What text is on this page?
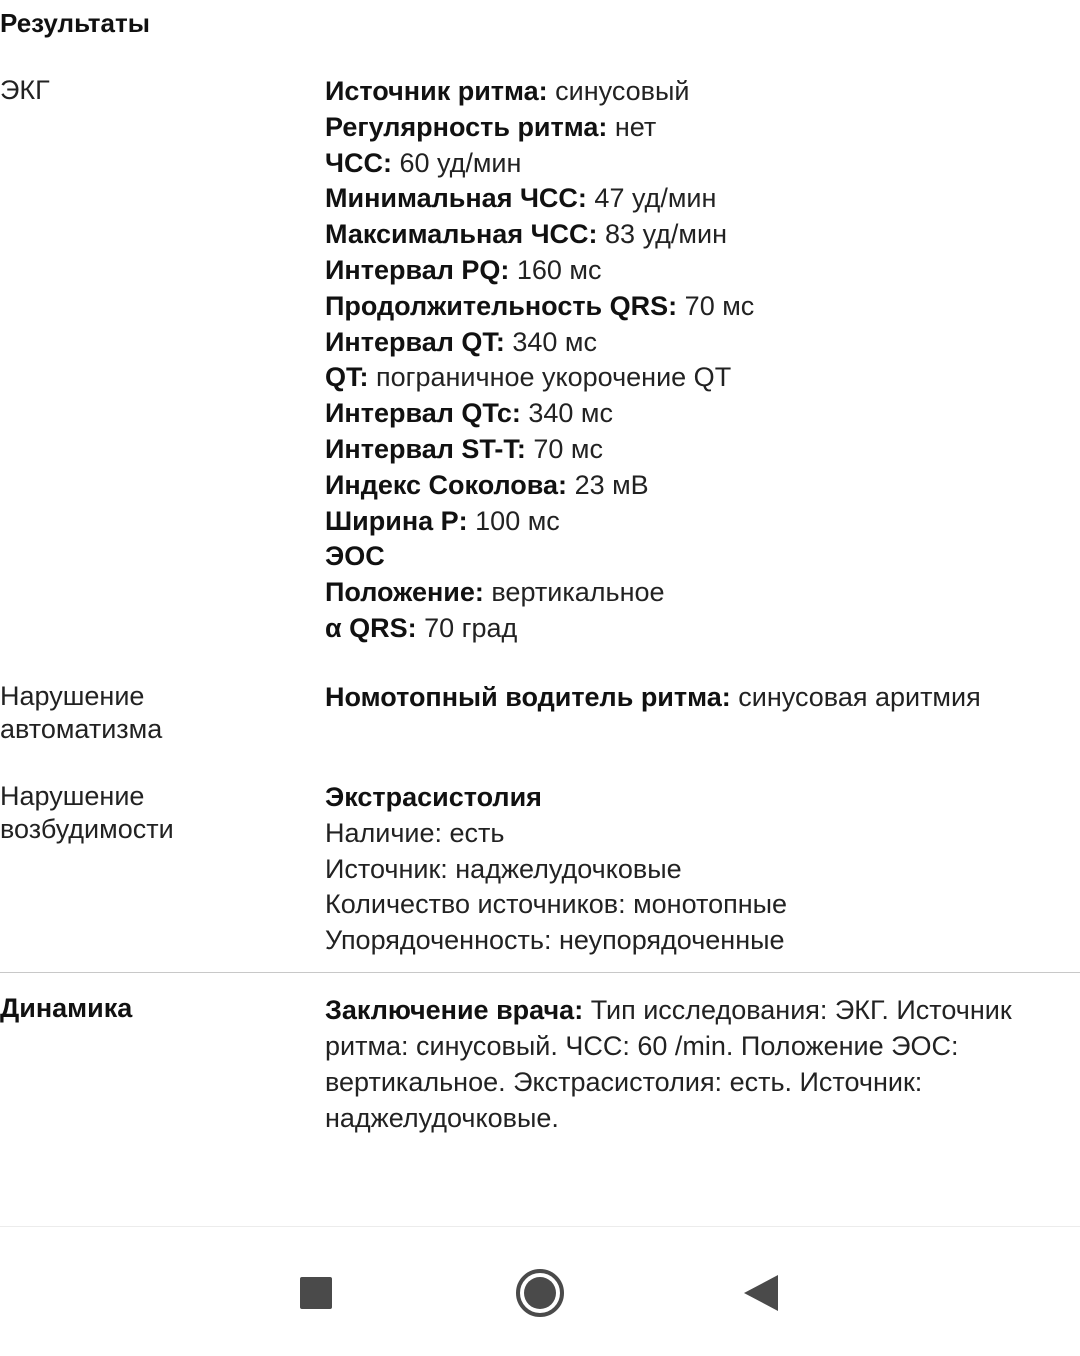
Результаты
ЭКГ	Источник ритма: синусовый
Регулярность ритма: нет
ЧСС: 60 уд/мин
Минимальная ЧСС: 47 уд/мин
Максимальная ЧСС: 83 уд/мин
Интервал PQ: 160 мс
Продолжительность QRS: 70 мс
Интервал QT: 340 мс
QT: пограничное укорочение QT
Интервал QTc: 340 мс
Интервал ST-T: 70 мс
Индекс Соколова: 23 мВ
Ширина P: 100 мс
ЭОС
Положение: вертикальное
α QRS: 70 град
Нарушение
автоматизма
Номотопный водитель ритма: синусовая аритмия
Нарушение
возбудимости
Экстрасистолия
Наличие: есть
Источник: наджелудочковые
Количество источников: монотопные
Упорядоченность: неупорядоченные
Динамика	Заключение врача: Тип исследования: ЭКГ. Источник ритма: синусовый. ЧСС: 60 /min. Положение ЭОС: вертикальное. Экстрасистолия: есть. Источник: наджелудочковые.
